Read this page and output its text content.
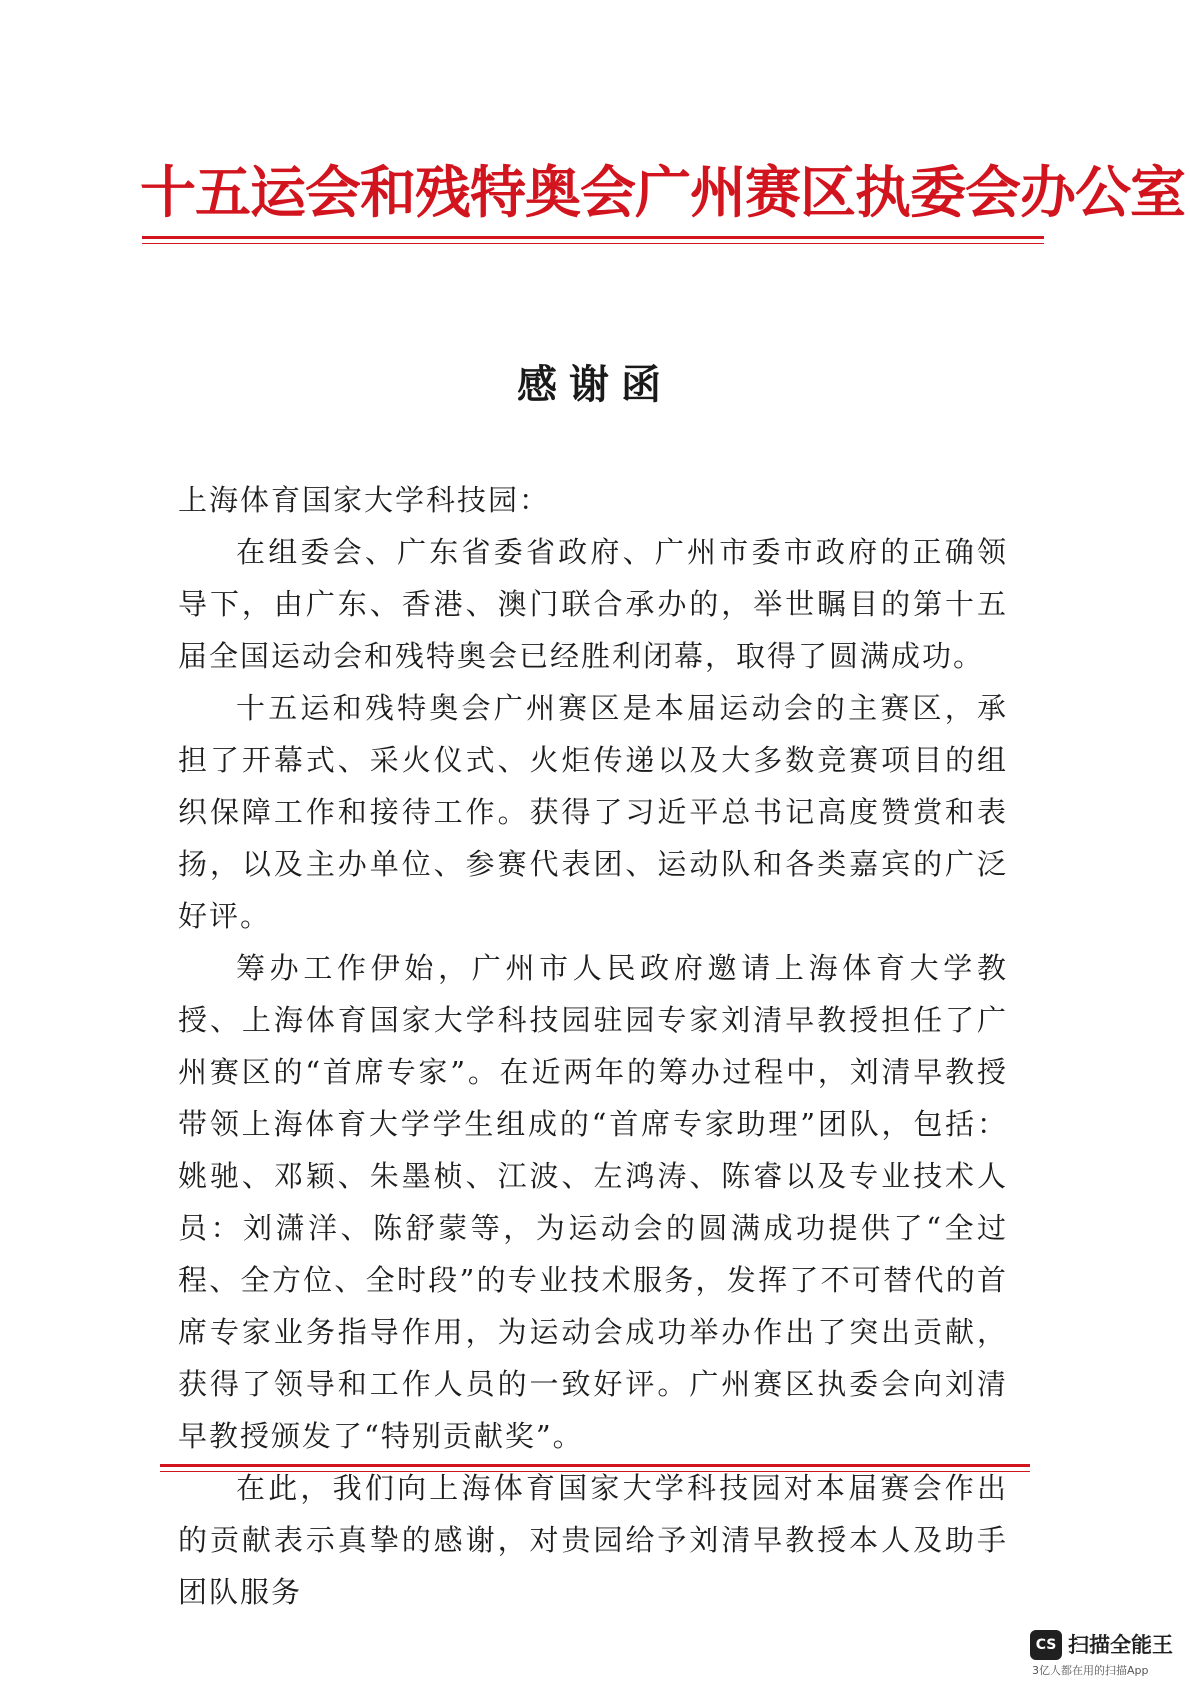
十五运会和残特奥会广州赛区执委会办公室
感谢函

上海体育国家大学科技园：

在组委会、广东省委省政府、广州市委市政府的正确领导下，由广东、香港、澳门联合承办的，举世瞩目的第十五届全国运动会和残特奥会已经胜利闭幕，取得了圆满成功。

十五运和残特奥会广州赛区是本届运动会的主赛区，承担了开幕式、采火仪式、火炬传递以及大多数竞赛项目的组织保障工作和接待工作。获得了习近平总书记高度赞赏和表扬，以及主办单位、参赛代表团、运动队和各类嘉宾的广泛好评。

筹办工作伊始，广州市人民政府邀请上海体育大学教授、上海体育国家大学科技园驻园专家刘清早教授担任了广州赛区的“首席专家”。在近两年的筹办过程中，刘清早教授带领上海体育大学学生组成的“首席专家助理”团队，包括：姚驰、邓颖、朱墨桢、江波、左鸿涛、陈睿以及专业技术人员：刘潇洋、陈舒蒙等，为运动会的圆满成功提供了“全过程、全方位、全时段”的专业技术服务，发挥了不可替代的首席专家业务指导作用，为运动会成功举办作出了突出贡献，获得了领导和工作人员的一致好评。广州赛区执委会向刘清早教授颁发了“特别贡献奖”。

在此，我们向上海体育国家大学科技园对本届赛会作出的贡献表示真挚的感谢，对贵园给予刘清早教授本人及助手团队服务

CS 扫描全能王
3亿人都在用的扫描App
